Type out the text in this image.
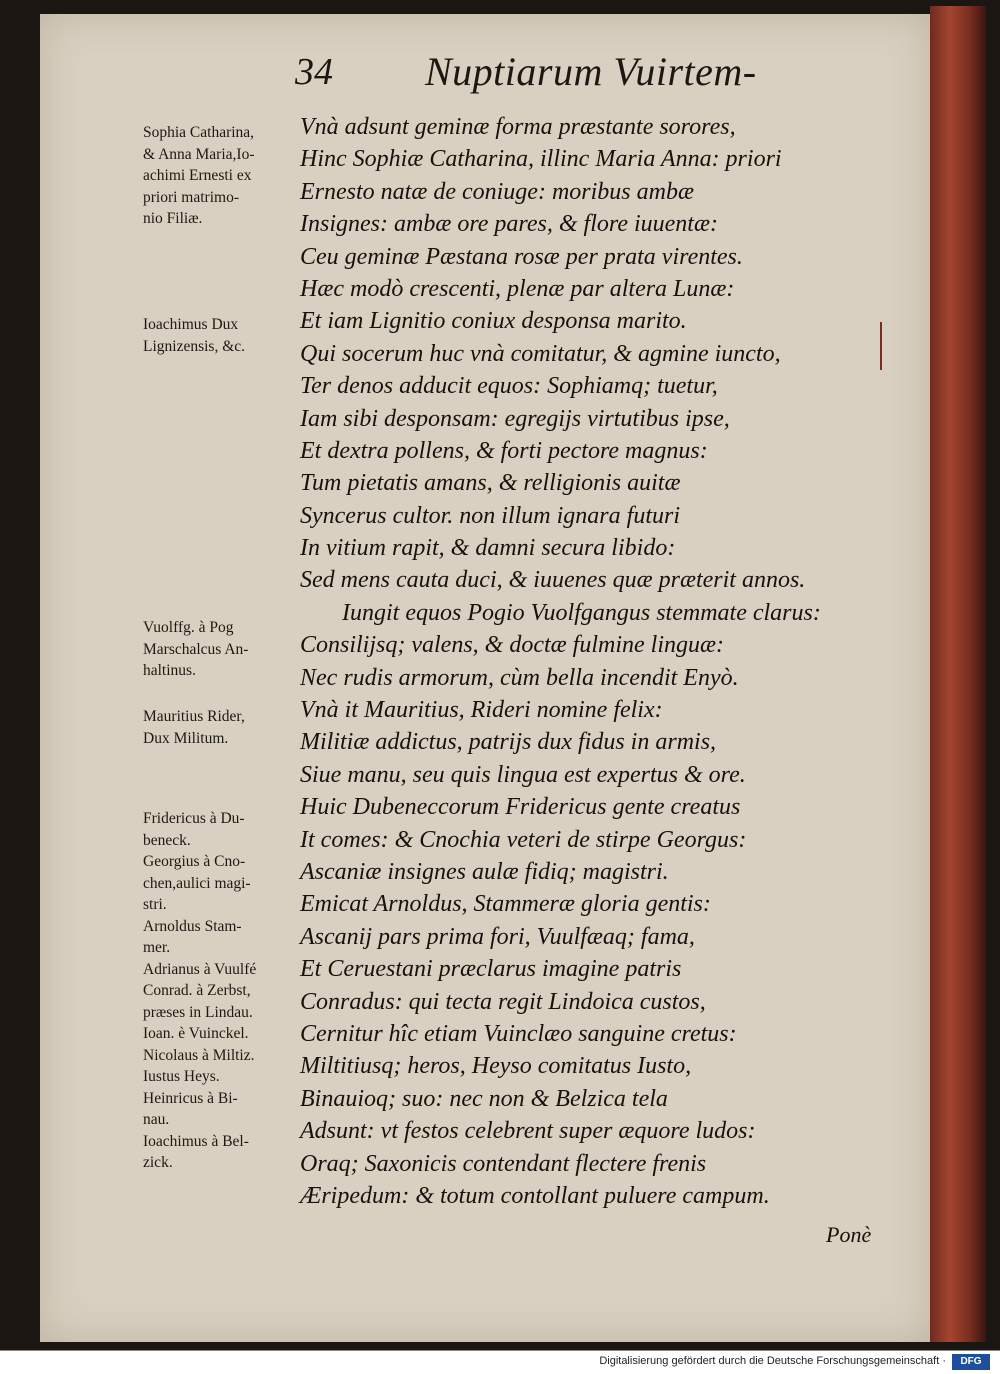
34 Nuptiarum Vuirtem-
Sophia Catharina,
& Anna Maria,Io-
achimi Ernesti ex
priori matrimo-
nio Filiæ.
Ioachimus Dux
Lignizensis, &c.
Vuolffg. à Pog
Marschalcus An-
haltinus.
Mauritius Rider,
Dux Militum.
Fridericus à Du-
beneck.
Georgius à Cno-
chen,aulici magi-
stri.
Arnoldus Stam-
mer.
Adrianus à Vuulfé
Conrad. à Zerbst,
præses in Lindau.
Ioan. è Vuinckel.
Nicolaus à Miltiz.
Iustus Heys.
Heinricus à Bi-
nau.
Ioachimus à Bel-
zick.
Vnà adsunt geminæ forma præstante sorores,
Hinc Sophiæ Catharina, illinc Maria Anna: priori
Ernesto natæ de coniuge: moribus ambæ
Insignes: ambæ ore pares, & flore iuuentæ:
Ceu geminæ Pæstana rosæ per prata virentes.
Hæc modò crescenti, plenæ par altera Lunæ:
Et iam Lignitio coniux desponsa marito.
Qui socerum huc vnà comitatur, & agmine iuncto,
Ter denos adducit equos: Sophiamq; tuetur,
Iam sibi desponsam: egregijs virtutibus ipse,
Et dextra pollens, & forti pectore magnus:
Tum pietatis amans, & relligionis auitæ
Syncerus cultor. non illum ignara futuri
In vitium rapit, & damni secura libido:
Sed mens cauta duci, & iuuenes quæ præterit annos.
Iungit equos Pogio Vuolfgangus stemmate clarus:
Consilijsq; valens, & doctæ fulmine linguæ:
Nec rudis armorum, cùm bella incendit Enyò.
Vnà it Mauritius, Rideri nomine felix:
Militiæ addictus, patrijs dux fidus in armis,
Siue manu, seu quis lingua est expertus & ore.
Huic Dubeneccorum Fridericus gente creatus
It comes: & Cnochia veteri de stirpe Georgus:
Ascaniæ insignes aulæ fidiq; magistri.
Emicat Arnoldus, Stammeræ gloria gentis:
Ascanij pars prima fori, Vuulfæaq; fama,
Et Ceruestani præclarus imagine patris
Conradus: qui tecta regit Lindoica custos,
Cernitur hîc etiam Vuinclæo sanguine cretus:
Miltitiusq; heros, Heyso comitatus Iusto,
Binauioq; suo: nec non & Belzica tela
Adsunt: vt festos celebrent super æquore ludos:
Oraq; Saxonicis contendant flectere frenis
Æripedum: & totum contollant puluere campum.
Ponè
Digitalisierung gefördert durch die Deutsche Forschungsgemeinschaft ·	DFG
